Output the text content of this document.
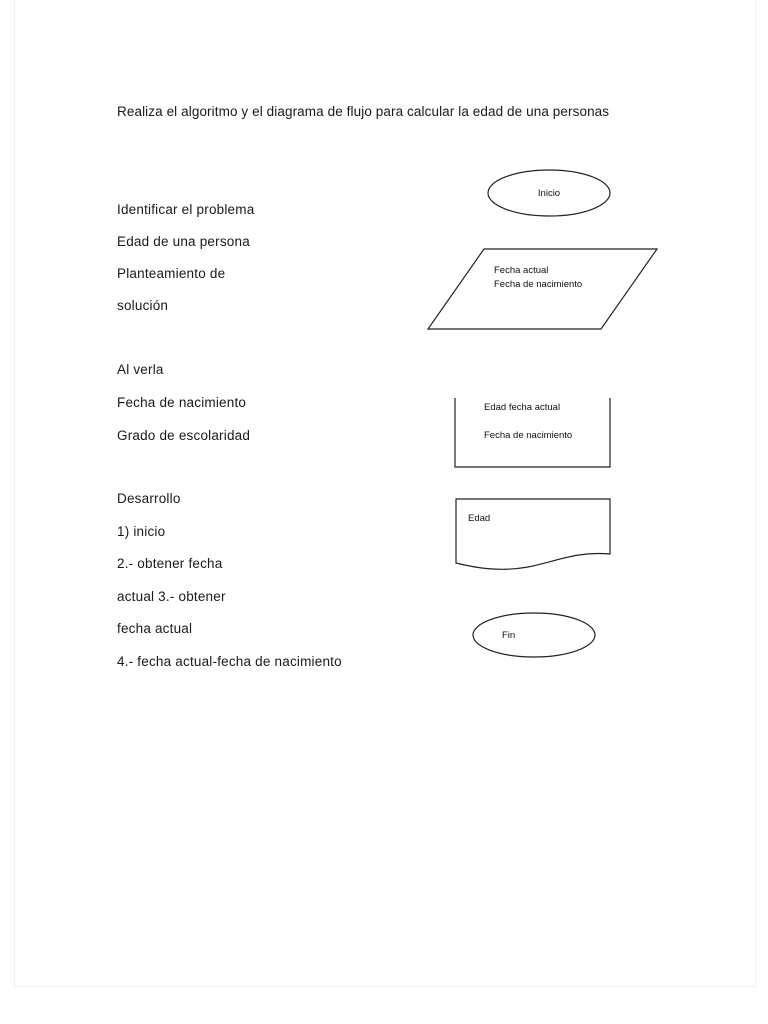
Realiza el algoritmo y el diagrama de flujo para calcular la edad de una personas
Identificar el problema
Edad de una persona
Planteamiento de
solución
Al verla
Fecha de nacimiento
Grado de escolaridad
Desarrollo
1) inicio
2.- obtener fecha
actual 3.- obtener
fecha actual
4.- fecha actual-fecha de nacimiento
Inicio
Fecha actual
Fecha de nacimiento
Edad fecha actual
Fecha de nacimiento
Edad
Fin
